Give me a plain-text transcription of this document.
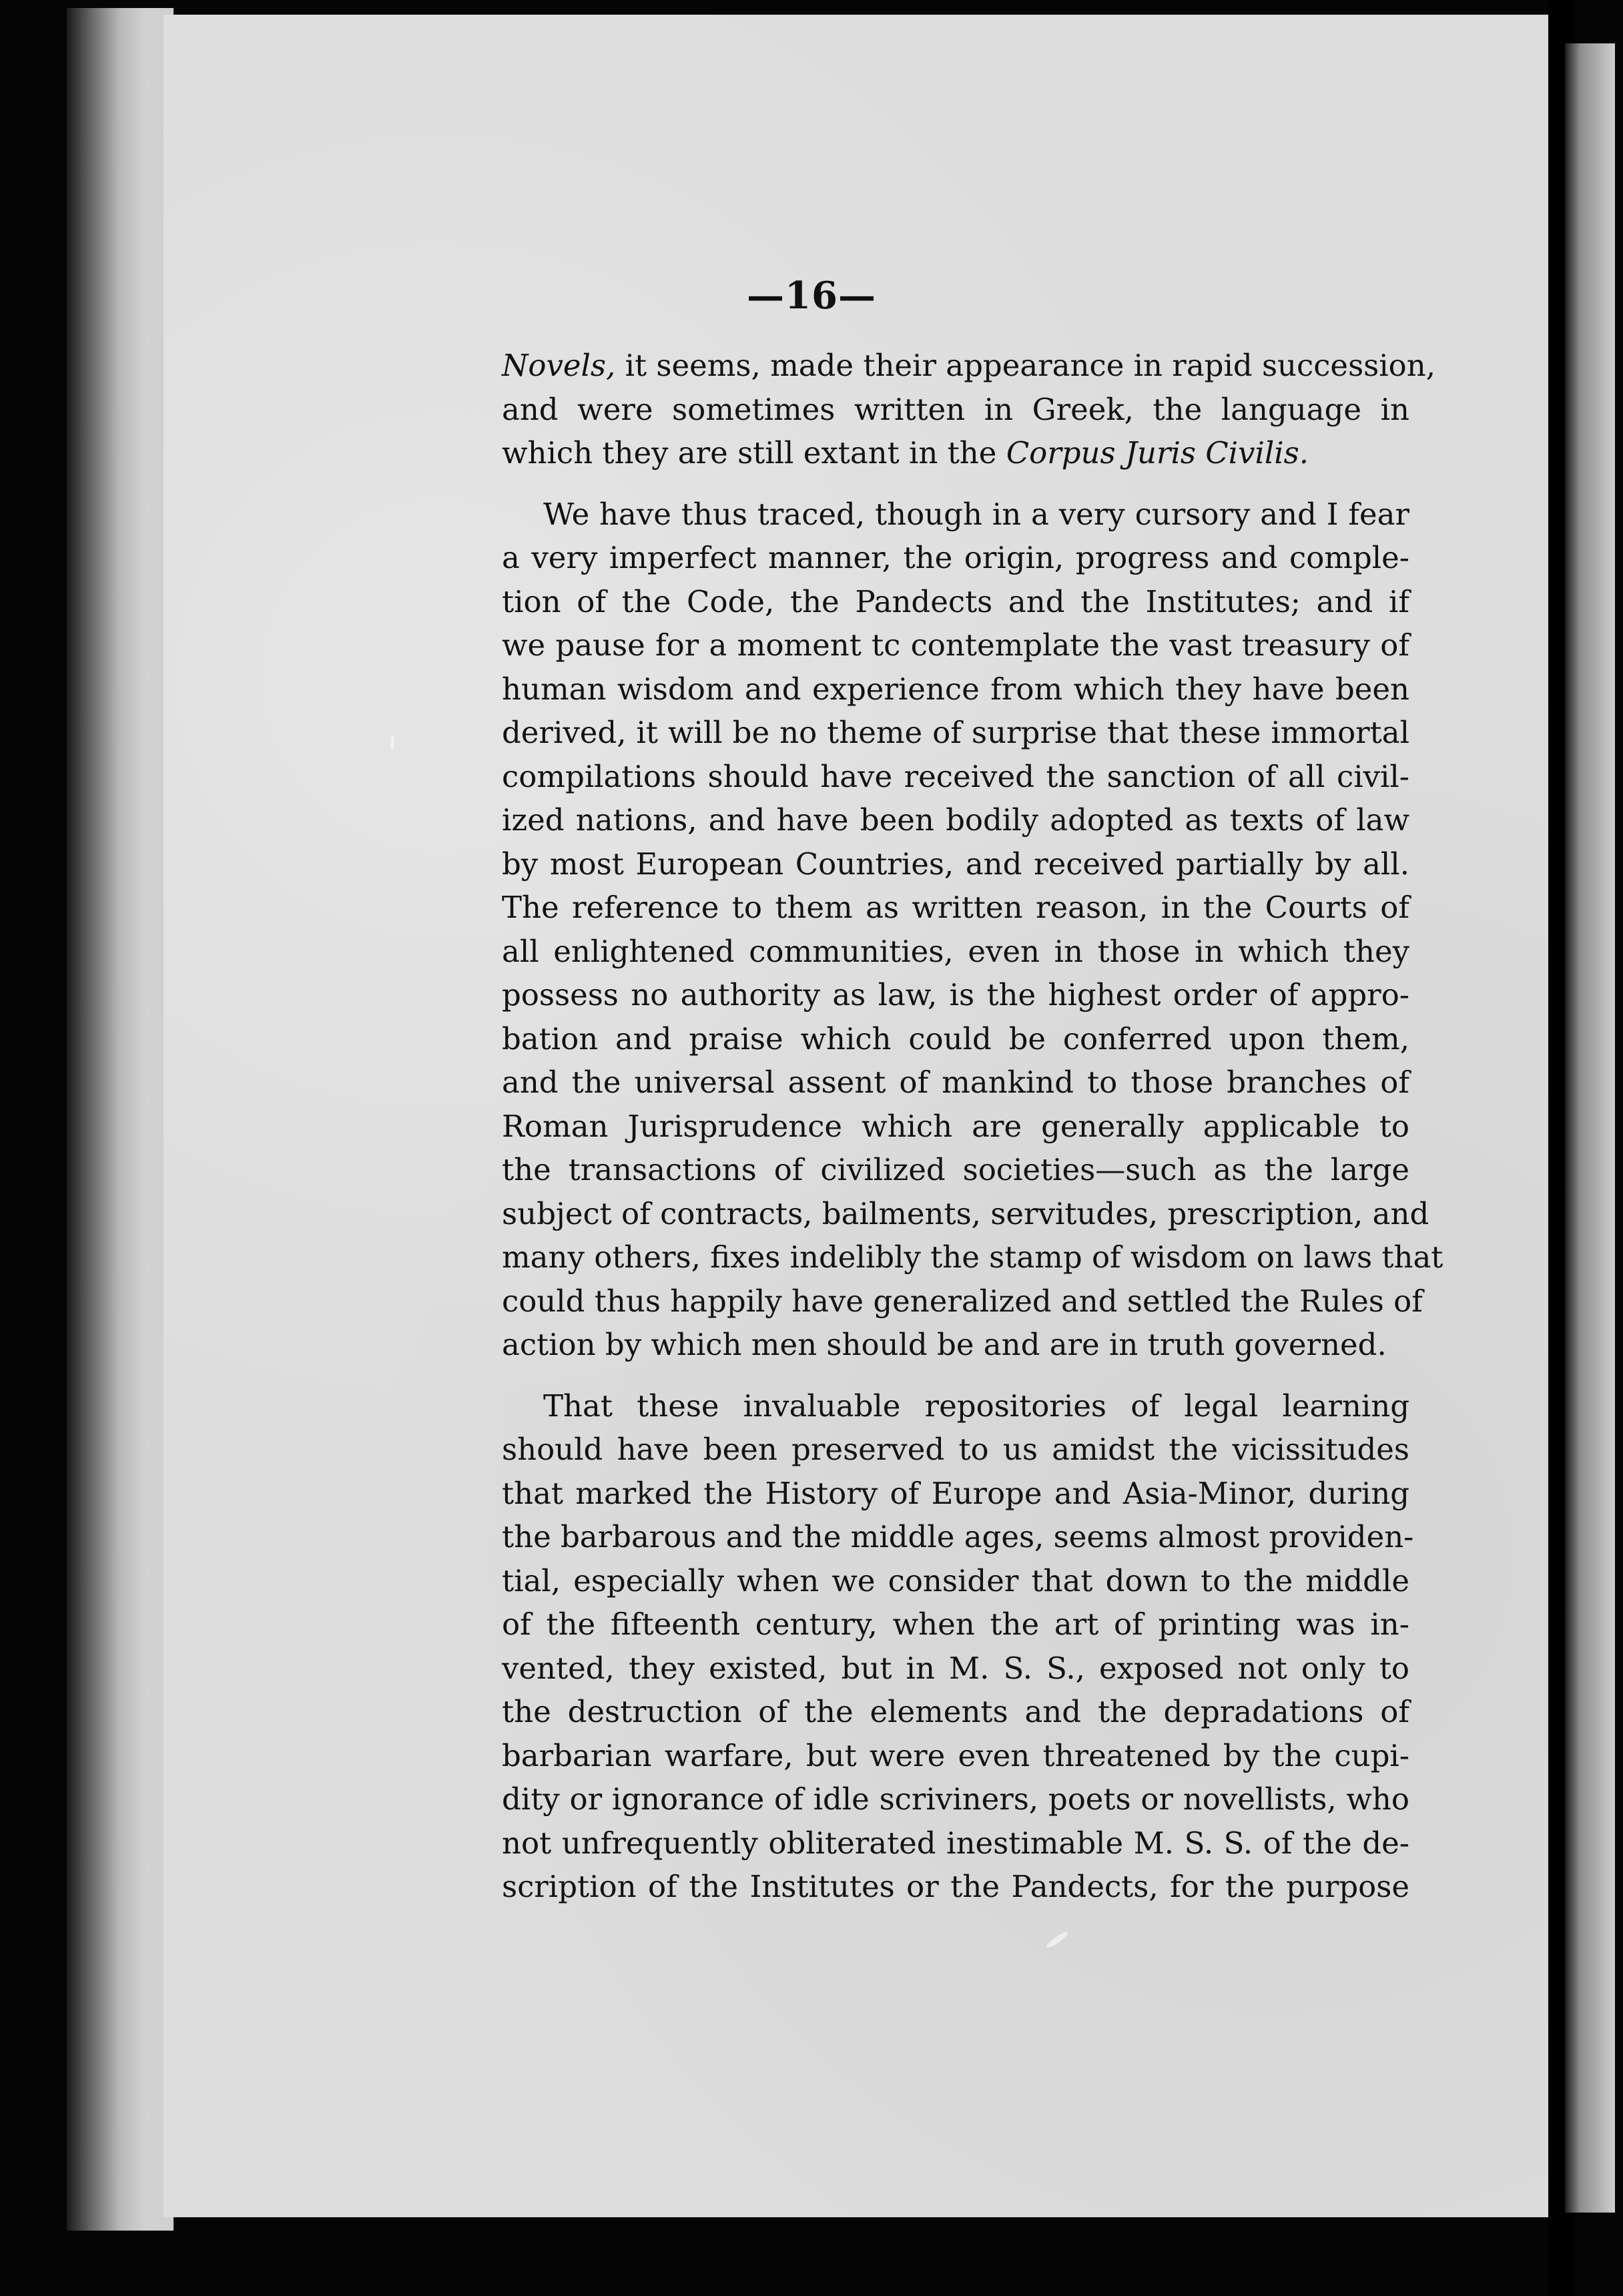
—16—
Novels, it seems, made their appearance in rapid succession,
and were sometimes written in Greek, the language in
which they are still extant in the Corpus Juris Civilis.
We have thus traced, though in a very cursory and I fear
a very imperfect manner, the origin, progress and comple-
tion of the Code, the Pandects and the Institutes; and if
we pause for a moment tc contemplate the vast treasury of
human wisdom and experience from which they have been
derived, it will be no theme of surprise that these immortal
compilations should have received the sanction of all civil-
ized nations, and have been bodily adopted as texts of law
by most European Countries, and received partially by all.
The reference to them as written reason, in the Courts of
all enlightened communities, even in those in which they
possess no authority as law, is the highest order of appro-
bation and praise which could be conferred upon them,
and the universal assent of mankind to those branches of
Roman Jurisprudence which are generally applicable to
the transactions of civilized societies—such as the large
subject of contracts, bailments, servitudes, prescription, and
many others, fixes indelibly the stamp of wisdom on laws that
could thus happily have generalized and settled the Rules of
action by which men should be and are in truth governed.
That these invaluable repositories of legal learning
should have been preserved to us amidst the vicissitudes
that marked the History of Europe and Asia-Minor, during
the barbarous and the middle ages, seems almost providen-
tial, especially when we consider that down to the middle
of the fifteenth century, when the art of printing was in-
vented, they existed, but in M. S. S., exposed not only to
the destruction of the elements and the depradations of
barbarian warfare, but were even threatened by the cupi-
dity or ignorance of idle scriviners, poets or novellists, who
not unfrequently obliterated inestimable M. S. S. of the de-
scription of the Institutes or the Pandects, for the purpose
